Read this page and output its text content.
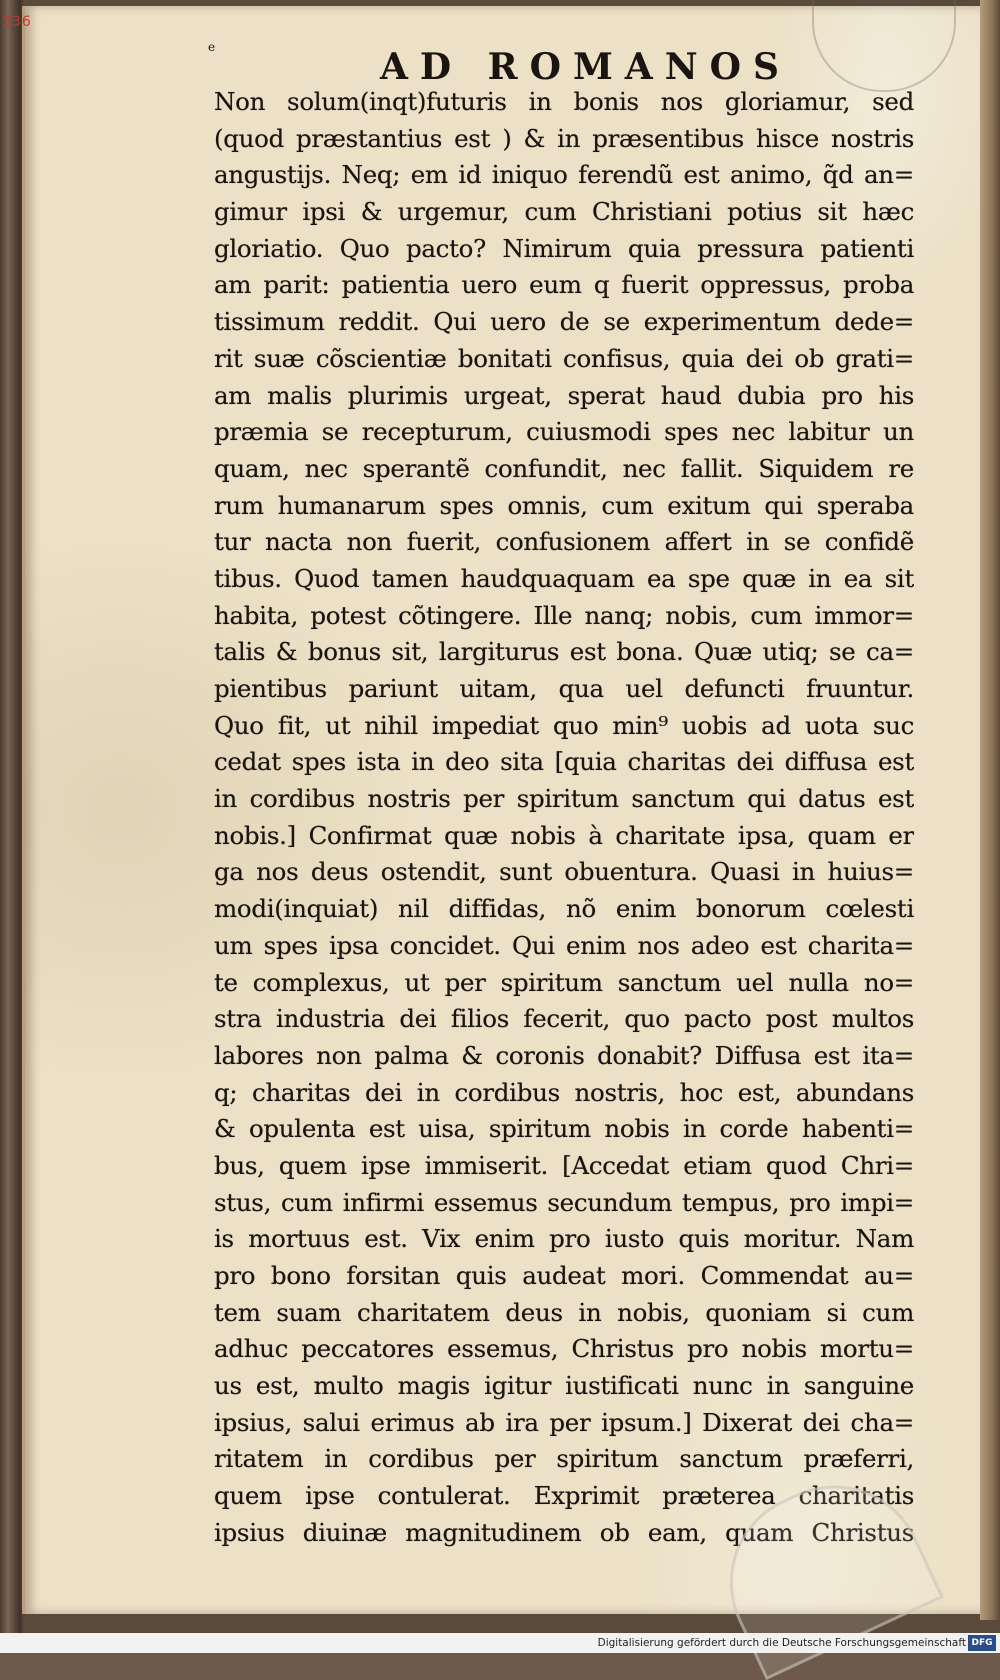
336
e	AD ROMANOS
Non solum(inqt)futuris in bonis nos gloriamur, sed
(quod præstantius est ) & in præsentibus hisce nostris
angustijs. Neq; em id iniquo ferendũ est animo, q̃d an=
gimur ipsi & urgemur, cum Christiani potius sit hæc
gloriatio. Quo pacto? Nimirum quia pressura patienti
am parit: patientia uero eum q fuerit oppressus, proba
tissimum reddit. Qui uero de se experimentum dede=
rit suæ cõscientiæ bonitati confisus, quia dei ob grati=
am malis plurimis urgeat, sperat haud dubia pro his
præmia se recepturum, cuiusmodi spes nec labitur un
quam, nec sperantẽ confundit, nec fallit. Siquidem re
rum humanarum spes omnis, cum exitum qui speraba
tur nacta non fuerit, confusionem affert in se confidẽ
tibus. Quod tamen haudquaquam ea spe quæ in ea sit
habita, potest cõtingere. Ille nanq; nobis, cum immor=
talis & bonus sit, largiturus est bona. Quæ utiq; se ca=
pientibus pariunt uitam, qua uel defuncti fruuntur.
Quo fit, ut nihil impediat quo min⁹ uobis ad uota suc
cedat spes ista in deo sita [quia charitas dei diffusa est
in cordibus nostris per spiritum sanctum qui datus est
nobis.] Confirmat quæ nobis à charitate ipsa, quam er
ga nos deus ostendit, sunt obuentura. Quasi in huius=
modi(inquiat) nil diffidas, nõ enim bonorum cœlesti
um spes ipsa concidet. Qui enim nos adeo est charita=
te complexus, ut per spiritum sanctum uel nulla no=
stra industria dei filios fecerit, quo pacto post multos
labores non palma & coronis donabit? Diffusa est ita=
q; charitas dei in cordibus nostris, hoc est, abundans
& opulenta est uisa, spiritum nobis in corde habenti=
bus, quem ipse immiserit. [Accedat etiam quod Chri=
stus, cum infirmi essemus secundum tempus, pro impi=
is mortuus est. Vix enim pro iusto quis moritur. Nam
pro bono forsitan quis audeat mori. Commendat au=
tem suam charitatem deus in nobis, quoniam si cum
adhuc peccatores essemus, Christus pro nobis mortu=
us est, multo magis igitur iustificati nunc in sanguine
ipsius, salui erimus ab ira per ipsum.] Dixerat dei cha=
ritatem in cordibus per spiritum sanctum præferri,
quem ipse contulerat. Exprimit præterea charitatis
ipsius diuinæ magnitudinem ob eam, quam Christus
Digitalisierung gefördert durch die Deutsche Forschungsgemeinschaft DFG
